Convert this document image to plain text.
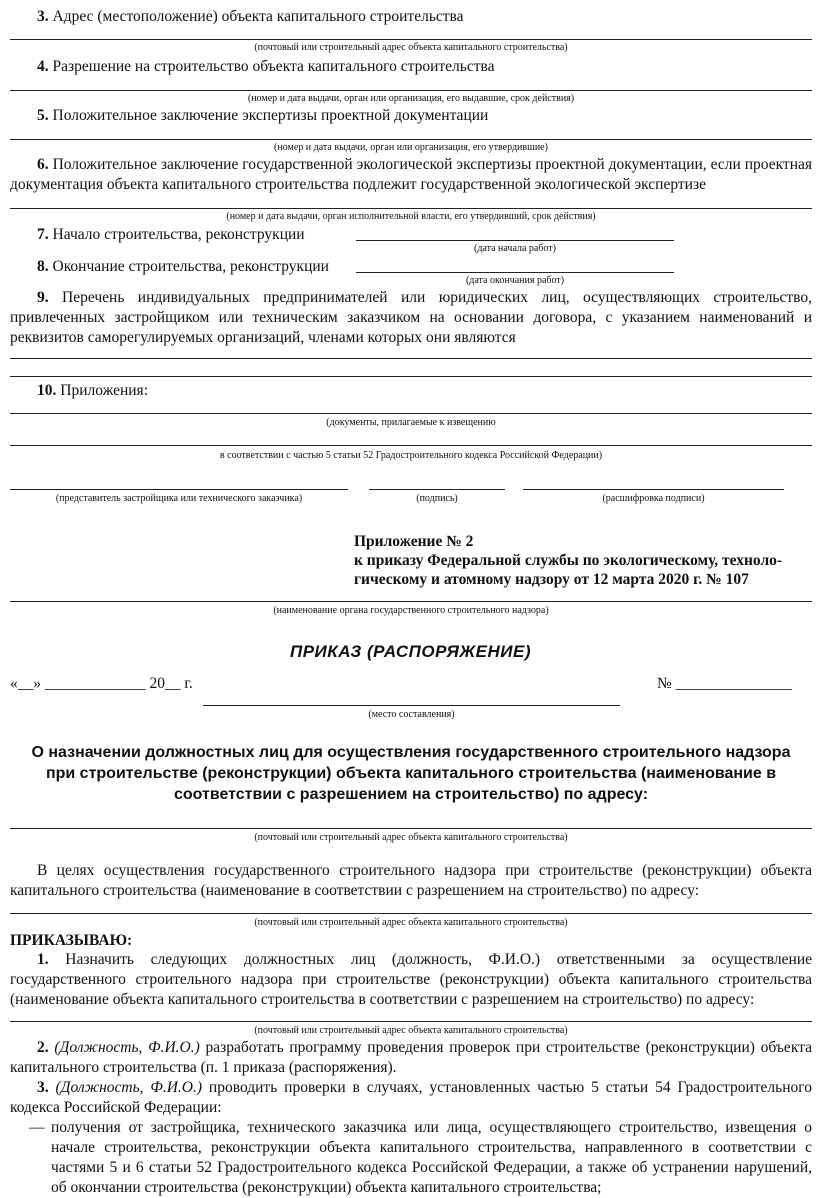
3. Адрес (местоположение) объекта капитального строительства
(почтовый или строительный адрес объекта капитального строительства)
4. Разрешение на строительство объекта капитального строительства
(номер и дата выдачи, орган или организация, его выдавшие, срок действия)
5. Положительное заключение экспертизы проектной документации
(номер и дата выдачи, орган или организация, его утвердившие)
6. Положительное заключение государственной экологической экспертизы проектной документации, если проектная документация объекта капитального строительства подлежит государственной экологической экспертизе
(номер и дата выдачи, орган исполнительной власти, его утвердивший, срок действия)
7. Начало строительства, реконструкции
(дата начала работ)
8. Окончание строительства, реконструкции
(дата окончания работ)
9. Перечень индивидуальных предпринимателей или юридических лиц, осуществляющих строительство, привлеченных застройщиком или техническим заказчиком на основании договора, с указанием наименований и реквизитов саморегулируемых организаций, членами которых они являются
10. Приложения:
(документы, прилагаемые к извещению
в соответствии с частью 5 статьи 52 Градостроительного кодекса Российской Федерации)
(представитель застройщика или технического заказчика)	(подпись)	(расшифровка подписи)
Приложение № 2
к приказу Федеральной службы по экологическому, техноло-
гическому и атомному надзору от 12 марта 2020 г. № 107
(наименование органа государственного строительного надзора)
ПРИКАЗ (РАСПОРЯЖЕНИЕ)
«__» _____________ 20__ г.	№ _______________
(место составления)
О назначении должностных лиц для осуществления государственного строительного надзора при строительстве (реконструкции) объекта капитального строительства (наименование в соответствии с разрешением на строительство) по адресу:
(почтовый или строительный адрес объекта капитального строительства)
В целях осуществления государственного строительного надзора при строительстве (реконструкции) объекта капитального строительства (наименование в соответствии с разрешением на строительство) по адресу:
(почтовый или строительный адрес объекта капитального строительства)
ПРИКАЗЫВАЮ:
1. Назначить следующих должностных лиц (должность, Ф.И.О.) ответственными за осуществление государственного строительного надзора при строительстве (реконструкции) объекта капитального строительства (наименование объекта капитального строительства в соответствии с разрешением на строительство) по адресу:
(почтовый или строительный адрес объекта капитального строительства)
2. (Должность, Ф.И.О.) разработать программу проведения проверок при строительстве (реконструкции) объекта капитального строительства (п. 1 приказа (распоряжения).
3. (Должность, Ф.И.О.) проводить проверки в случаях, установленных частью 5 статьи 54 Градостроительного кодекса Российской Федерации:
— получения от застройщика, технического заказчика или лица, осуществляющего строительство, извещения о начале строительства, реконструкции объекта капитального строительства, направленного в соответствии с частями 5 и 6 статьи 52 Градостроительного кодекса Российской Федерации, а также об устранении нарушений, об окончании строительства (реконструкции) объекта капитального строительства;
